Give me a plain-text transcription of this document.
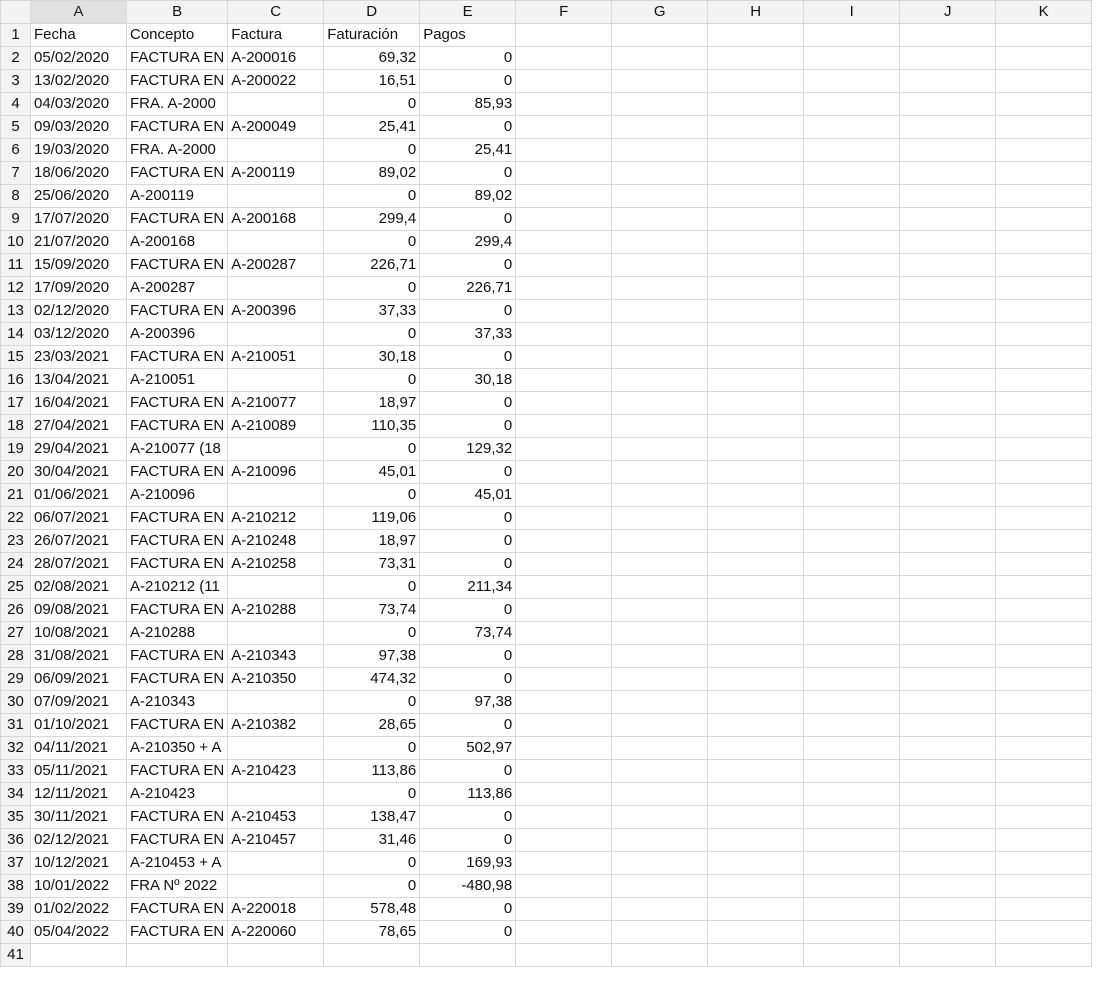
	A	B	C	D	E	F	G	H	I	J	K
1	Fecha	Concepto	Factura	Faturación	Pagos						
2	05/02/2020	FACTURA EN	A-200016	69,32	0						
3	13/02/2020	FACTURA EN	A-200022	16,51	0						
4	04/03/2020	FRA. A-2000		0	85,93						
5	09/03/2020	FACTURA EN	A-200049	25,41	0						
6	19/03/2020	FRA. A-2000		0	25,41						
7	18/06/2020	FACTURA EN	A-200119	89,02	0						
8	25/06/2020	A-200119		0	89,02						
9	17/07/2020	FACTURA EN	A-200168	299,4	0						
10	21/07/2020	A-200168		0	299,4						
11	15/09/2020	FACTURA EN	A-200287	226,71	0						
12	17/09/2020	A-200287		0	226,71						
13	02/12/2020	FACTURA EN	A-200396	37,33	0						
14	03/12/2020	A-200396		0	37,33						
15	23/03/2021	FACTURA EN	A-210051	30,18	0						
16	13/04/2021	A-210051		0	30,18						
17	16/04/2021	FACTURA EN	A-210077	18,97	0						
18	27/04/2021	FACTURA EN	A-210089	110,35	0						
19	29/04/2021	A-210077 (18		0	129,32						
20	30/04/2021	FACTURA EN	A-210096	45,01	0						
21	01/06/2021	A-210096		0	45,01						
22	06/07/2021	FACTURA EN	A-210212	119,06	0						
23	26/07/2021	FACTURA EN	A-210248	18,97	0						
24	28/07/2021	FACTURA EN	A-210258	73,31	0						
25	02/08/2021	A-210212 (11		0	211,34						
26	09/08/2021	FACTURA EN	A-210288	73,74	0						
27	10/08/2021	A-210288		0	73,74						
28	31/08/2021	FACTURA EN	A-210343	97,38	0						
29	06/09/2021	FACTURA EN	A-210350	474,32	0						
30	07/09/2021	A-210343		0	97,38						
31	01/10/2021	FACTURA EN	A-210382	28,65	0						
32	04/11/2021	A-210350 + A		0	502,97						
33	05/11/2021	FACTURA EN	A-210423	113,86	0						
34	12/11/2021	A-210423		0	113,86						
35	30/11/2021	FACTURA EN	A-210453	138,47	0						
36	02/12/2021	FACTURA EN	A-210457	31,46	0						
37	10/12/2021	A-210453 + A		0	169,93						
38	10/01/2022	FRA Nº 2022		0	-480,98						
39	01/02/2022	FACTURA EN	A-220018	578,48	0						
40	05/04/2022	FACTURA EN	A-220060	78,65	0						
41											
